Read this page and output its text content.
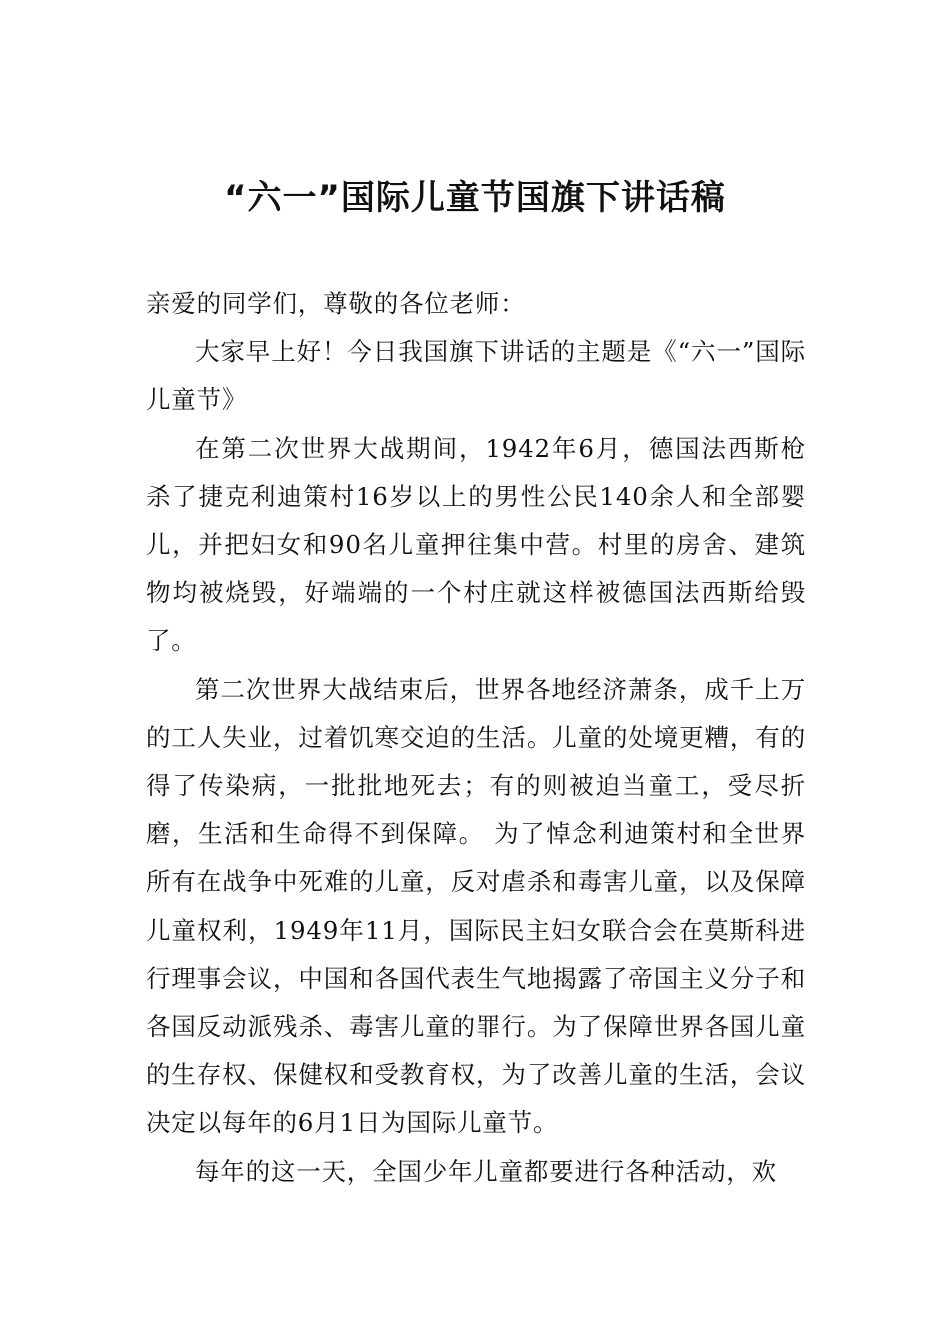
“六一”国际儿童节国旗下讲话稿

亲爱的同学们，尊敬的各位老师：

大家早上好！今日我国旗下讲话的主题是《“六一”国际儿童节》

在第二次世界大战期间，1942年6月，德国法西斯枪杀了捷克利迪策村16岁以上的男性公民140余人和全部婴儿，并把妇女和90名儿童押往集中营。村里的房舍、建筑物均被烧毁，好端端的一个村庄就这样被德国法西斯给毁了。

第二次世界大战结束后，世界各地经济萧条，成千上万的工人失业，过着饥寒交迫的生活。儿童的处境更糟，有的得了传染病，一批批地死去；有的则被迫当童工，受尽折磨，生活和生命得不到保障。 为了悼念利迪策村和全世界所有在战争中死难的儿童，反对虐杀和毒害儿童，以及保障儿童权利，1949年11月，国际民主妇女联合会在莫斯科进行理事会议，中国和各国代表生气地揭露了帝国主义分子和各国反动派残杀、毒害儿童的罪行。为了保障世界各国儿童的生存权、保健权和受教育权，为了改善儿童的生活，会议决定以每年的6月1日为国际儿童节。

每年的这一天，全国少年儿童都要进行各种活动，欢
